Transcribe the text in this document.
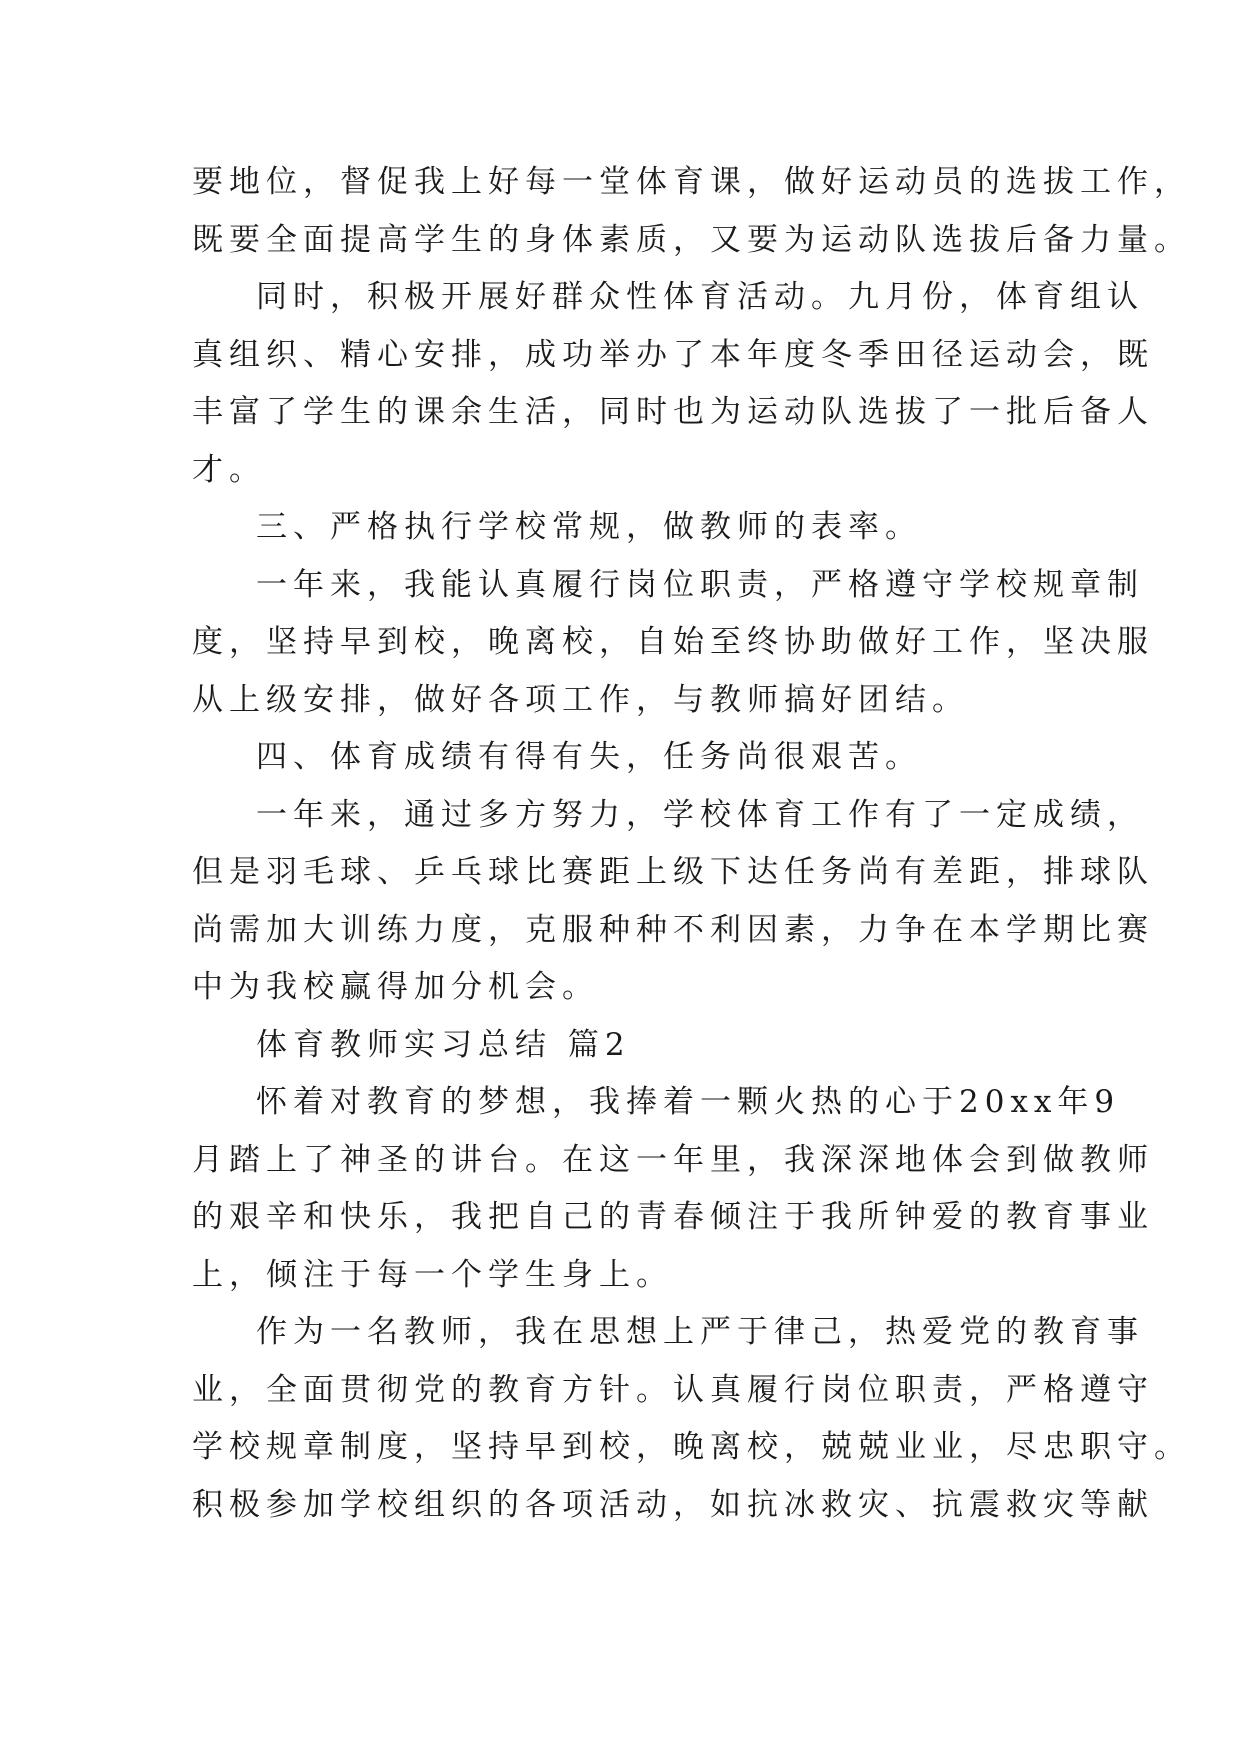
要地位，督促我上好每一堂体育课，做好运动员的选拔工作，
既要全面提高学生的身体素质，又要为运动队选拔后备力量。
同时，积极开展好群众性体育活动。九月份，体育组认
真组织、精心安排，成功举办了本年度冬季田径运动会，既
丰富了学生的课余生活，同时也为运动队选拔了一批后备人
才。
三、严格执行学校常规，做教师的表率。
一年来，我能认真履行岗位职责，严格遵守学校规章制
度，坚持早到校，晚离校，自始至终协助做好工作，坚决服
从上级安排，做好各项工作，与教师搞好团结。
四、体育成绩有得有失，任务尚很艰苦。
一年来，通过多方努力，学校体育工作有了一定成绩，
但是羽毛球、乒乓球比赛距上级下达任务尚有差距，排球队
尚需加大训练力度，克服种种不利因素，力争在本学期比赛
中为我校赢得加分机会。
体育教师实习总结 篇2
怀着对教育的梦想，我捧着一颗火热的心于20xx年9
月踏上了神圣的讲台。在这一年里，我深深地体会到做教师
的艰辛和快乐，我把自己的青春倾注于我所钟爱的教育事业
上，倾注于每一个学生身上。
作为一名教师，我在思想上严于律己，热爱党的教育事
业，全面贯彻党的教育方针。认真履行岗位职责，严格遵守
学校规章制度，坚持早到校，晚离校，兢兢业业，尽忠职守。
积极参加学校组织的各项活动，如抗冰救灾、抗震救灾等献
